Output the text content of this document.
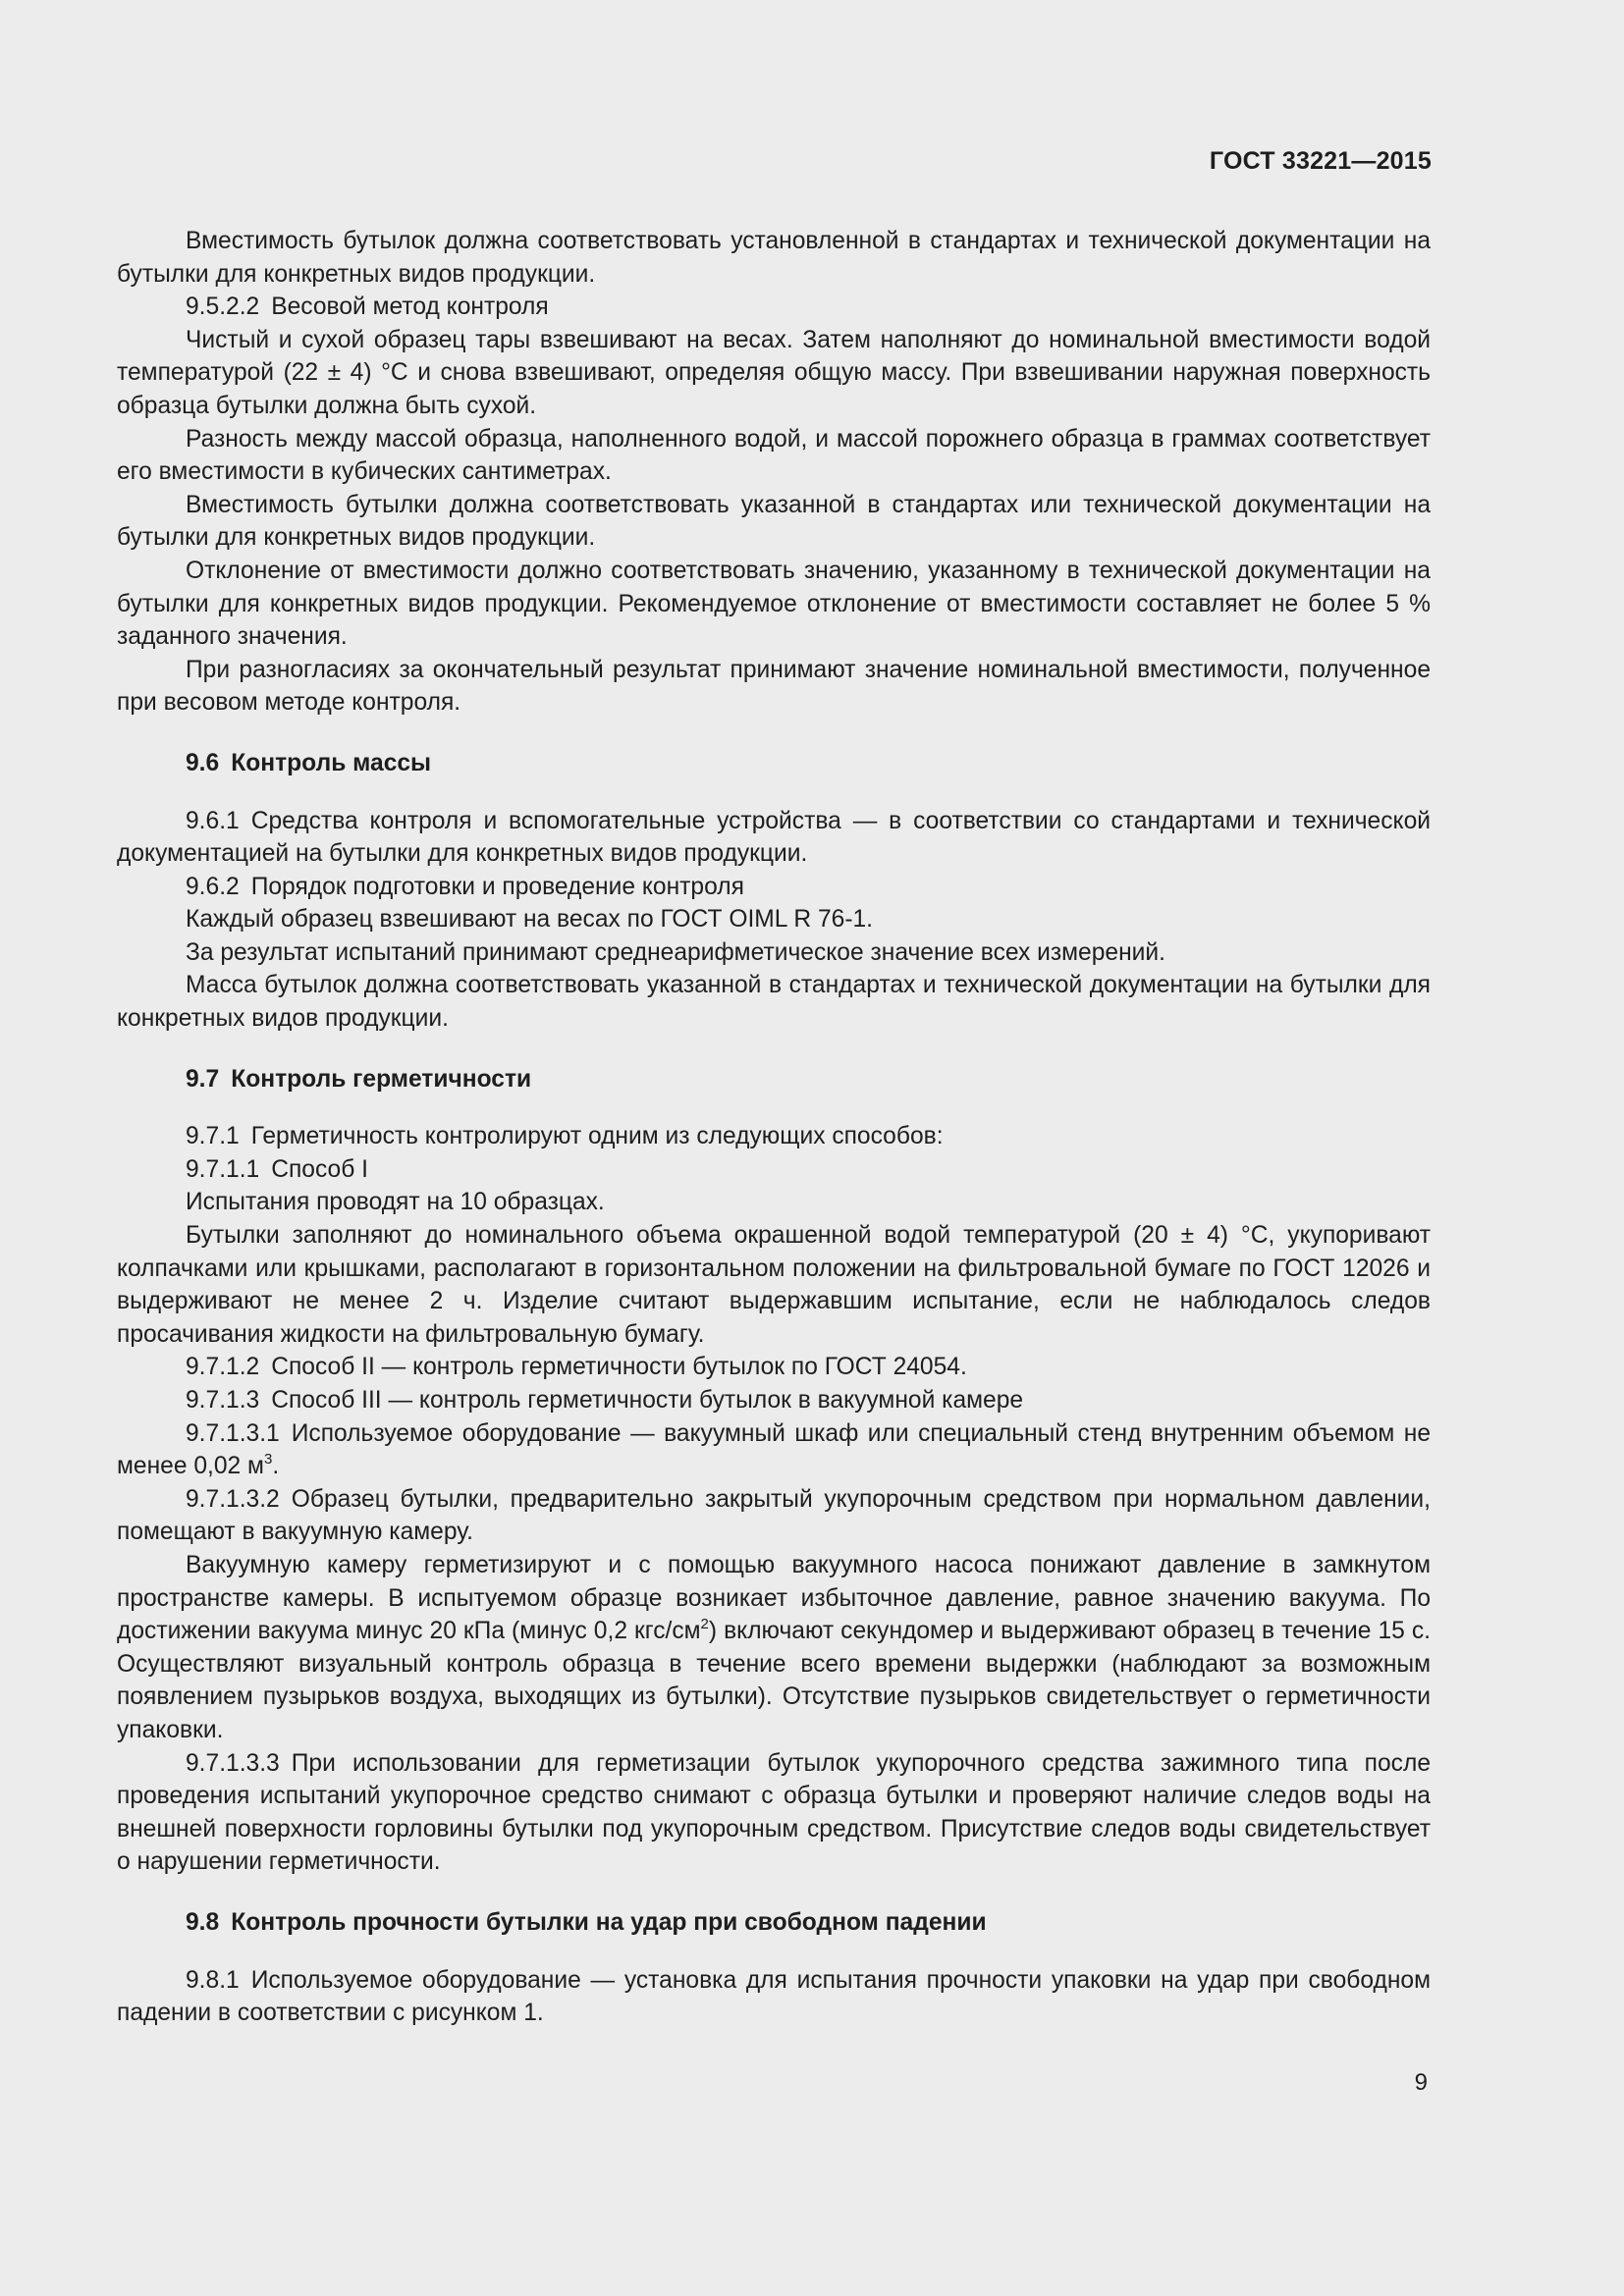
ГОСТ 33221—2015

Вместимость бутылок должна соответствовать установленной в стандартах и технической документации на бутылки для конкретных видов продукции.

9.5.2.2 Весовой метод контроля

Чистый и сухой образец тары взвешивают на весах. Затем наполняют до номинальной вместимости водой температурой (22 ± 4) °С и снова взвешивают, определяя общую массу. При взвешивании наружная поверхность образца бутылки должна быть сухой.

Разность между массой образца, наполненного водой, и массой порожнего образца в граммах соответствует его вместимости в кубических сантиметрах.

Вместимость бутылки должна соответствовать указанной в стандартах или технической документации на бутылки для конкретных видов продукции.

Отклонение от вместимости должно соответствовать значению, указанному в технической документации на бутылки для конкретных видов продукции. Рекомендуемое отклонение от вместимости составляет не более 5 % заданного значения.

При разногласиях за окончательный результат принимают значение номинальной вместимости, полученное при весовом методе контроля.

9.6 Контроль массы

9.6.1 Средства контроля и вспомогательные устройства — в соответствии со стандартами и технической документацией на бутылки для конкретных видов продукции.

9.6.2 Порядок подготовки и проведение контроля

Каждый образец взвешивают на весах по ГОСТ OIML R 76-1.

За результат испытаний принимают среднеарифметическое значение всех измерений.

Масса бутылок должна соответствовать указанной в стандартах и технической документации на бутылки для конкретных видов продукции.

9.7 Контроль герметичности

9.7.1 Герметичность контролируют одним из следующих способов:

9.7.1.1 Способ I

Испытания проводят на 10 образцах.

Бутылки заполняют до номинального объема окрашенной водой температурой (20 ± 4) °С, укупоривают колпачками или крышками, располагают в горизонтальном положении на фильтровальной бумаге по ГОСТ 12026 и выдерживают не менее 2 ч. Изделие считают выдержавшим испытание, если не наблюдалось следов просачивания жидкости на фильтровальную бумагу.

9.7.1.2 Способ II — контроль герметичности бутылок по ГОСТ 24054.

9.7.1.3 Способ III — контроль герметичности бутылок в вакуумной камере

9.7.1.3.1 Используемое оборудование — вакуумный шкаф или специальный стенд внутренним объемом не менее 0,02 $м^3$.

9.7.1.3.2 Образец бутылки, предварительно закрытый укупорочным средством при нормальном давлении, помещают в вакуумную камеру.

Вакуумную камеру герметизируют и с помощью вакуумного насоса понижают давление в замкнутом пространстве камеры. В испытуемом образце возникает избыточное давление, равное значению вакуума. По достижении вакуума минус 20 кПа (минус 0,2 кгс/$см^2$) включают секундомер и выдерживают образец в течение 15 с. Осуществляют визуальный контроль образца в течение всего времени выдержки (наблюдают за возможным появлением пузырьков воздуха, выходящих из бутылки). Отсутствие пузырьков свидетельствует о герметичности упаковки.

9.7.1.3.3 При использовании для герметизации бутылок укупорочного средства зажимного типа после проведения испытаний укупорочное средство снимают с образца бутылки и проверяют наличие следов воды на внешней поверхности горловины бутылки под укупорочным средством. Присутствие следов воды свидетельствует о нарушении герметичности.

9.8 Контроль прочности бутылки на удар при свободном падении

9.8.1 Используемое оборудование — установка для испытания прочности упаковки на удар при свободном падении в соответствии с рисунком 1.

9
